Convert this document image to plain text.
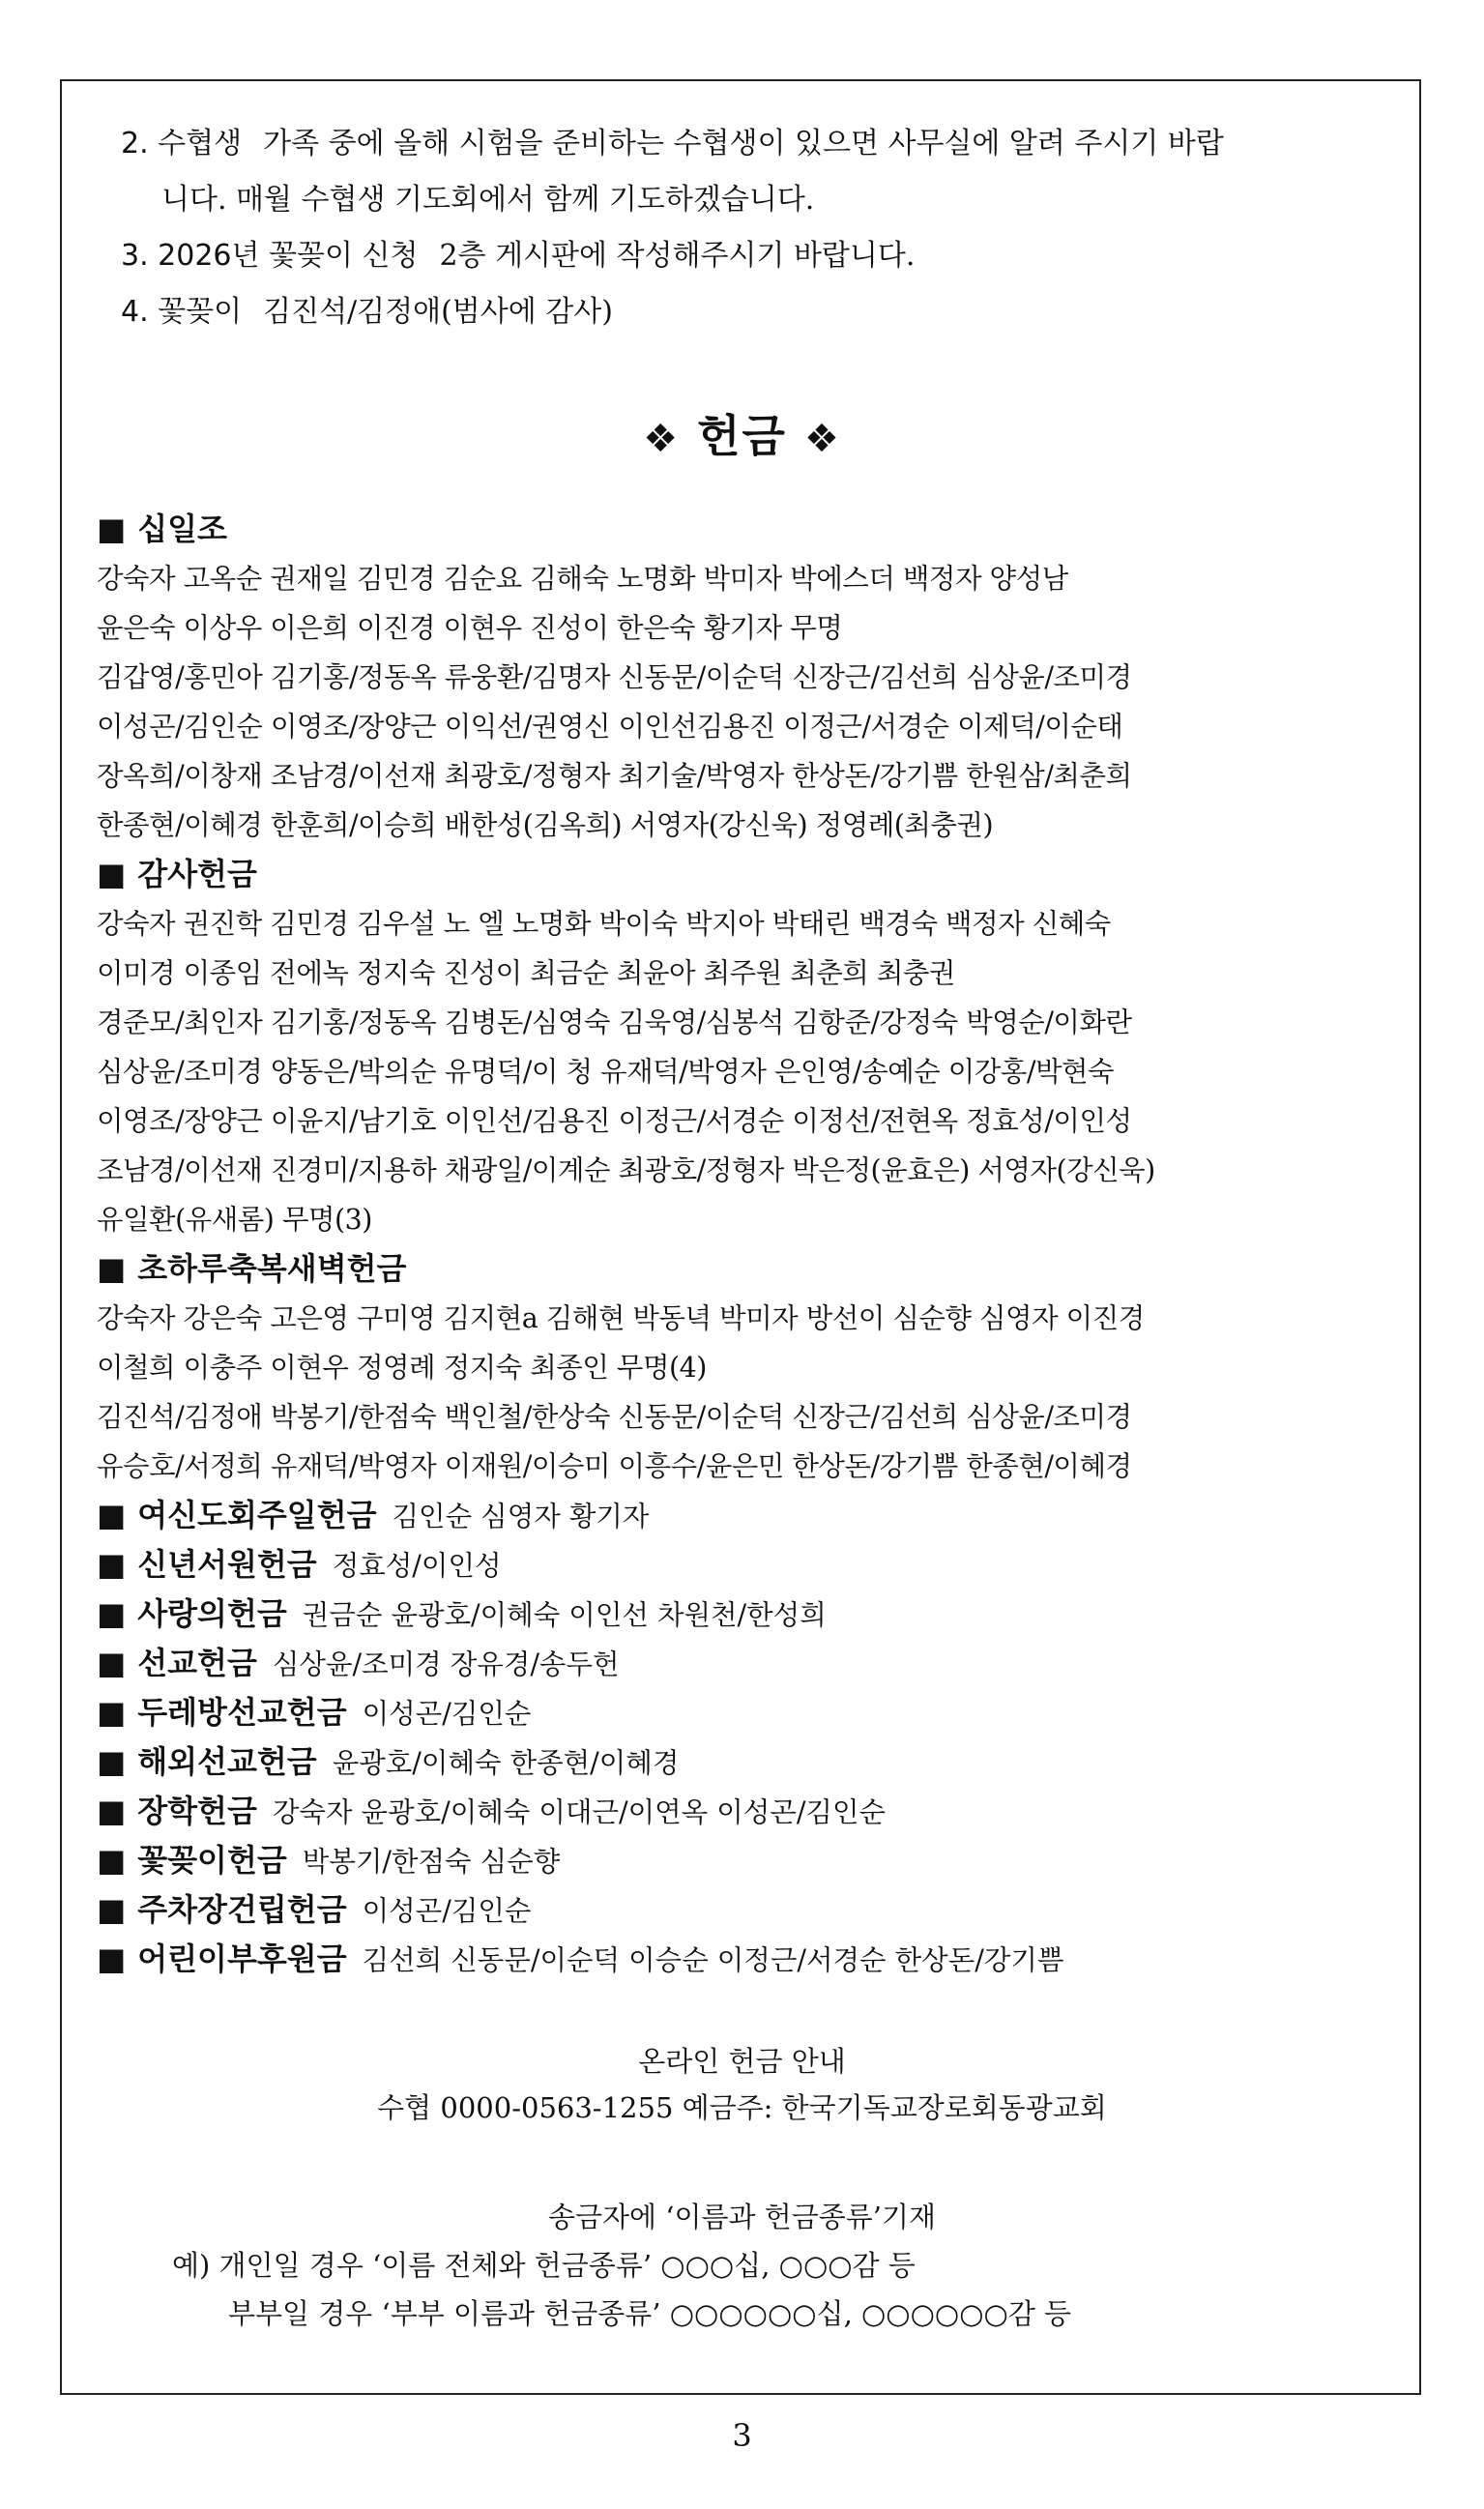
2. 수협생 가족 중에 올해 시험을 준비하는 수협생이 있으면 사무실에 알려 주시기 바랍
니다. 매월 수협생 기도회에서 함께 기도하겠습니다.
3. 2026년 꽃꽂이 신청 2층 게시판에 작성해주시기 바랍니다.
4. 꽃꽂이 김진석/김정애(범사에 감사)
❖ 헌금 ❖
■ 십일조
강숙자 고옥순 권재일 김민경 김순요 김해숙 노명화 박미자 박에스더 백정자 양성남
윤은숙 이상우 이은희 이진경 이현우 진성이 한은숙 황기자 무명
김갑영/홍민아 김기홍/정동옥 류웅환/김명자 신동문/이순덕 신장근/김선희 심상윤/조미경
이성곤/김인순 이영조/장양근 이익선/권영신 이인선김용진 이정근/서경순 이제덕/이순태
장옥희/이창재 조남경/이선재 최광호/정형자 최기술/박영자 한상돈/강기쁨 한원삼/최춘희
한종현/이혜경 한훈희/이승희 배한성(김옥희) 서영자(강신욱) 정영례(최충권)
■ 감사헌금
강숙자 권진학 김민경 김우설 노 엘 노명화 박이숙 박지아 박태린 백경숙 백정자 신혜숙
이미경 이종임 전에녹 정지숙 진성이 최금순 최윤아 최주원 최춘희 최충권
경준모/최인자 김기홍/정동옥 김병돈/심영숙 김욱영/심봉석 김항준/강정숙 박영순/이화란
심상윤/조미경 양동은/박의순 유명덕/이 청 유재덕/박영자 은인영/송예순 이강홍/박현숙
이영조/장양근 이윤지/남기호 이인선/김용진 이정근/서경순 이정선/전현옥 정효성/이인성
조남경/이선재 진경미/지용하 채광일/이계순 최광호/정형자 박은정(윤효은) 서영자(강신욱)
유일환(유새롬) 무명(3)
■ 초하루축복새벽헌금
강숙자 강은숙 고은영 구미영 김지현a 김해현 박동녁 박미자 방선이 심순향 심영자 이진경
이철희 이충주 이현우 정영례 정지숙 최종인 무명(4)
김진석/김정애 박봉기/한점숙 백인철/한상숙 신동문/이순덕 신장근/김선희 심상윤/조미경
유승호/서정희 유재덕/박영자 이재원/이승미 이흥수/윤은민 한상돈/강기쁨 한종현/이혜경
■ 여신도회주일헌금 김인순 심영자 황기자
■ 신년서원헌금 정효성/이인성
■ 사랑의헌금 권금순 윤광호/이혜숙 이인선 차원천/한성희
■ 선교헌금 심상윤/조미경 장유경/송두헌
■ 두레방선교헌금 이성곤/김인순
■ 해외선교헌금 윤광호/이혜숙 한종현/이혜경
■ 장학헌금 강숙자 윤광호/이혜숙 이대근/이연옥 이성곤/김인순
■ 꽃꽂이헌금 박봉기/한점숙 심순향
■ 주차장건립헌금 이성곤/김인순
■ 어린이부후원금 김선희 신동문/이순덕 이승순 이정근/서경순 한상돈/강기쁨
온라인 헌금 안내
수협 0000-0563-1255 예금주: 한국기독교장로회동광교회
송금자에 ‘이름과 헌금종류’기재
예) 개인일 경우 ‘이름 전체와 헌금종류’ ○○○십, ○○○감 등
부부일 경우 ‘부부 이름과 헌금종류’ ○○○○○○십, ○○○○○○감 등
3
